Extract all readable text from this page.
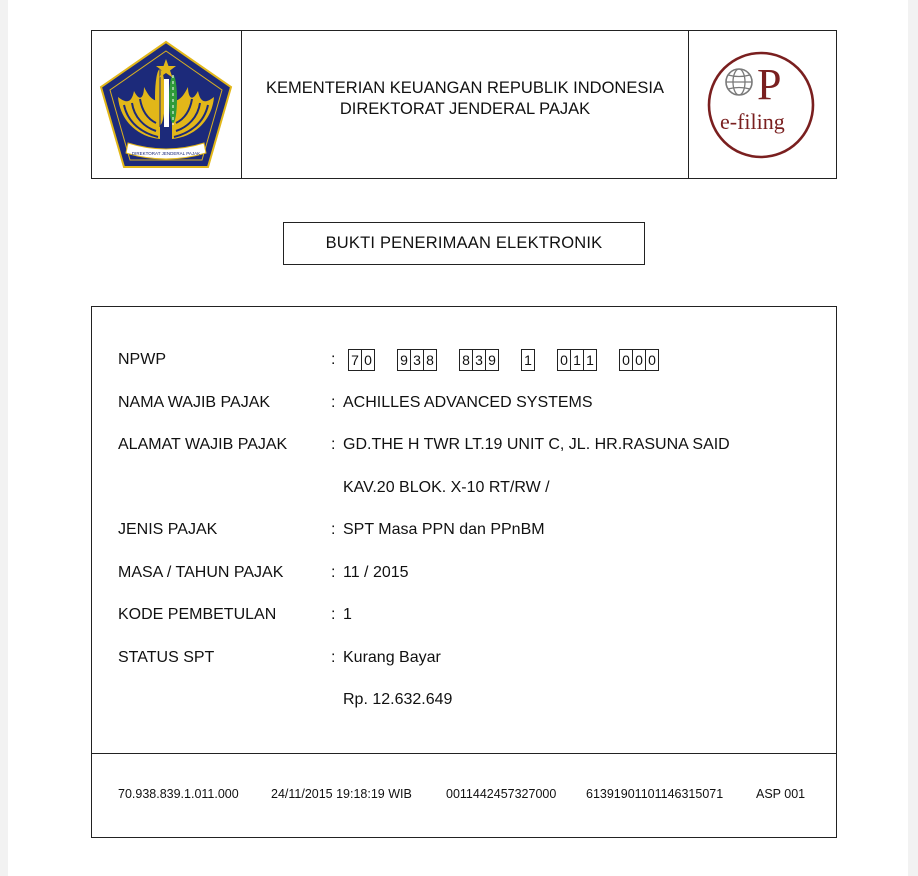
DIREKTORAT JENDERAL PAJAK
KEMENTERIAN KEUANGAN REPUBLIK INDONESIA
DIREKTORAT JENDERAL PAJAK	P
e-filing
BUKTI PENERIMAAN ELEKTRONIK
NPWP	: 7 0 9 3 8 8 3 9 1 0 1 1 0 0 0
NAMA WAJIB PAJAK	: ACHILLES ADVANCED SYSTEMS
ALAMAT WAJIB PAJAK	: GD.THE H TWR LT.19 UNIT C, JL. HR.RASUNA SAID
KAV.20 BLOK. X-10 RT/RW /
JENIS PAJAK	: SPT Masa PPN dan PPnBM
MASA / TAHUN PAJAK	: 11 / 2015
KODE PEMBETULAN	: 1
STATUS SPT	: Kurang Bayar
Rp. 12.632.649
70.938.839.1.011.000	24/11/2015 19:18:19 WIB	0011442457327000 61391901101146315071	ASP 001
